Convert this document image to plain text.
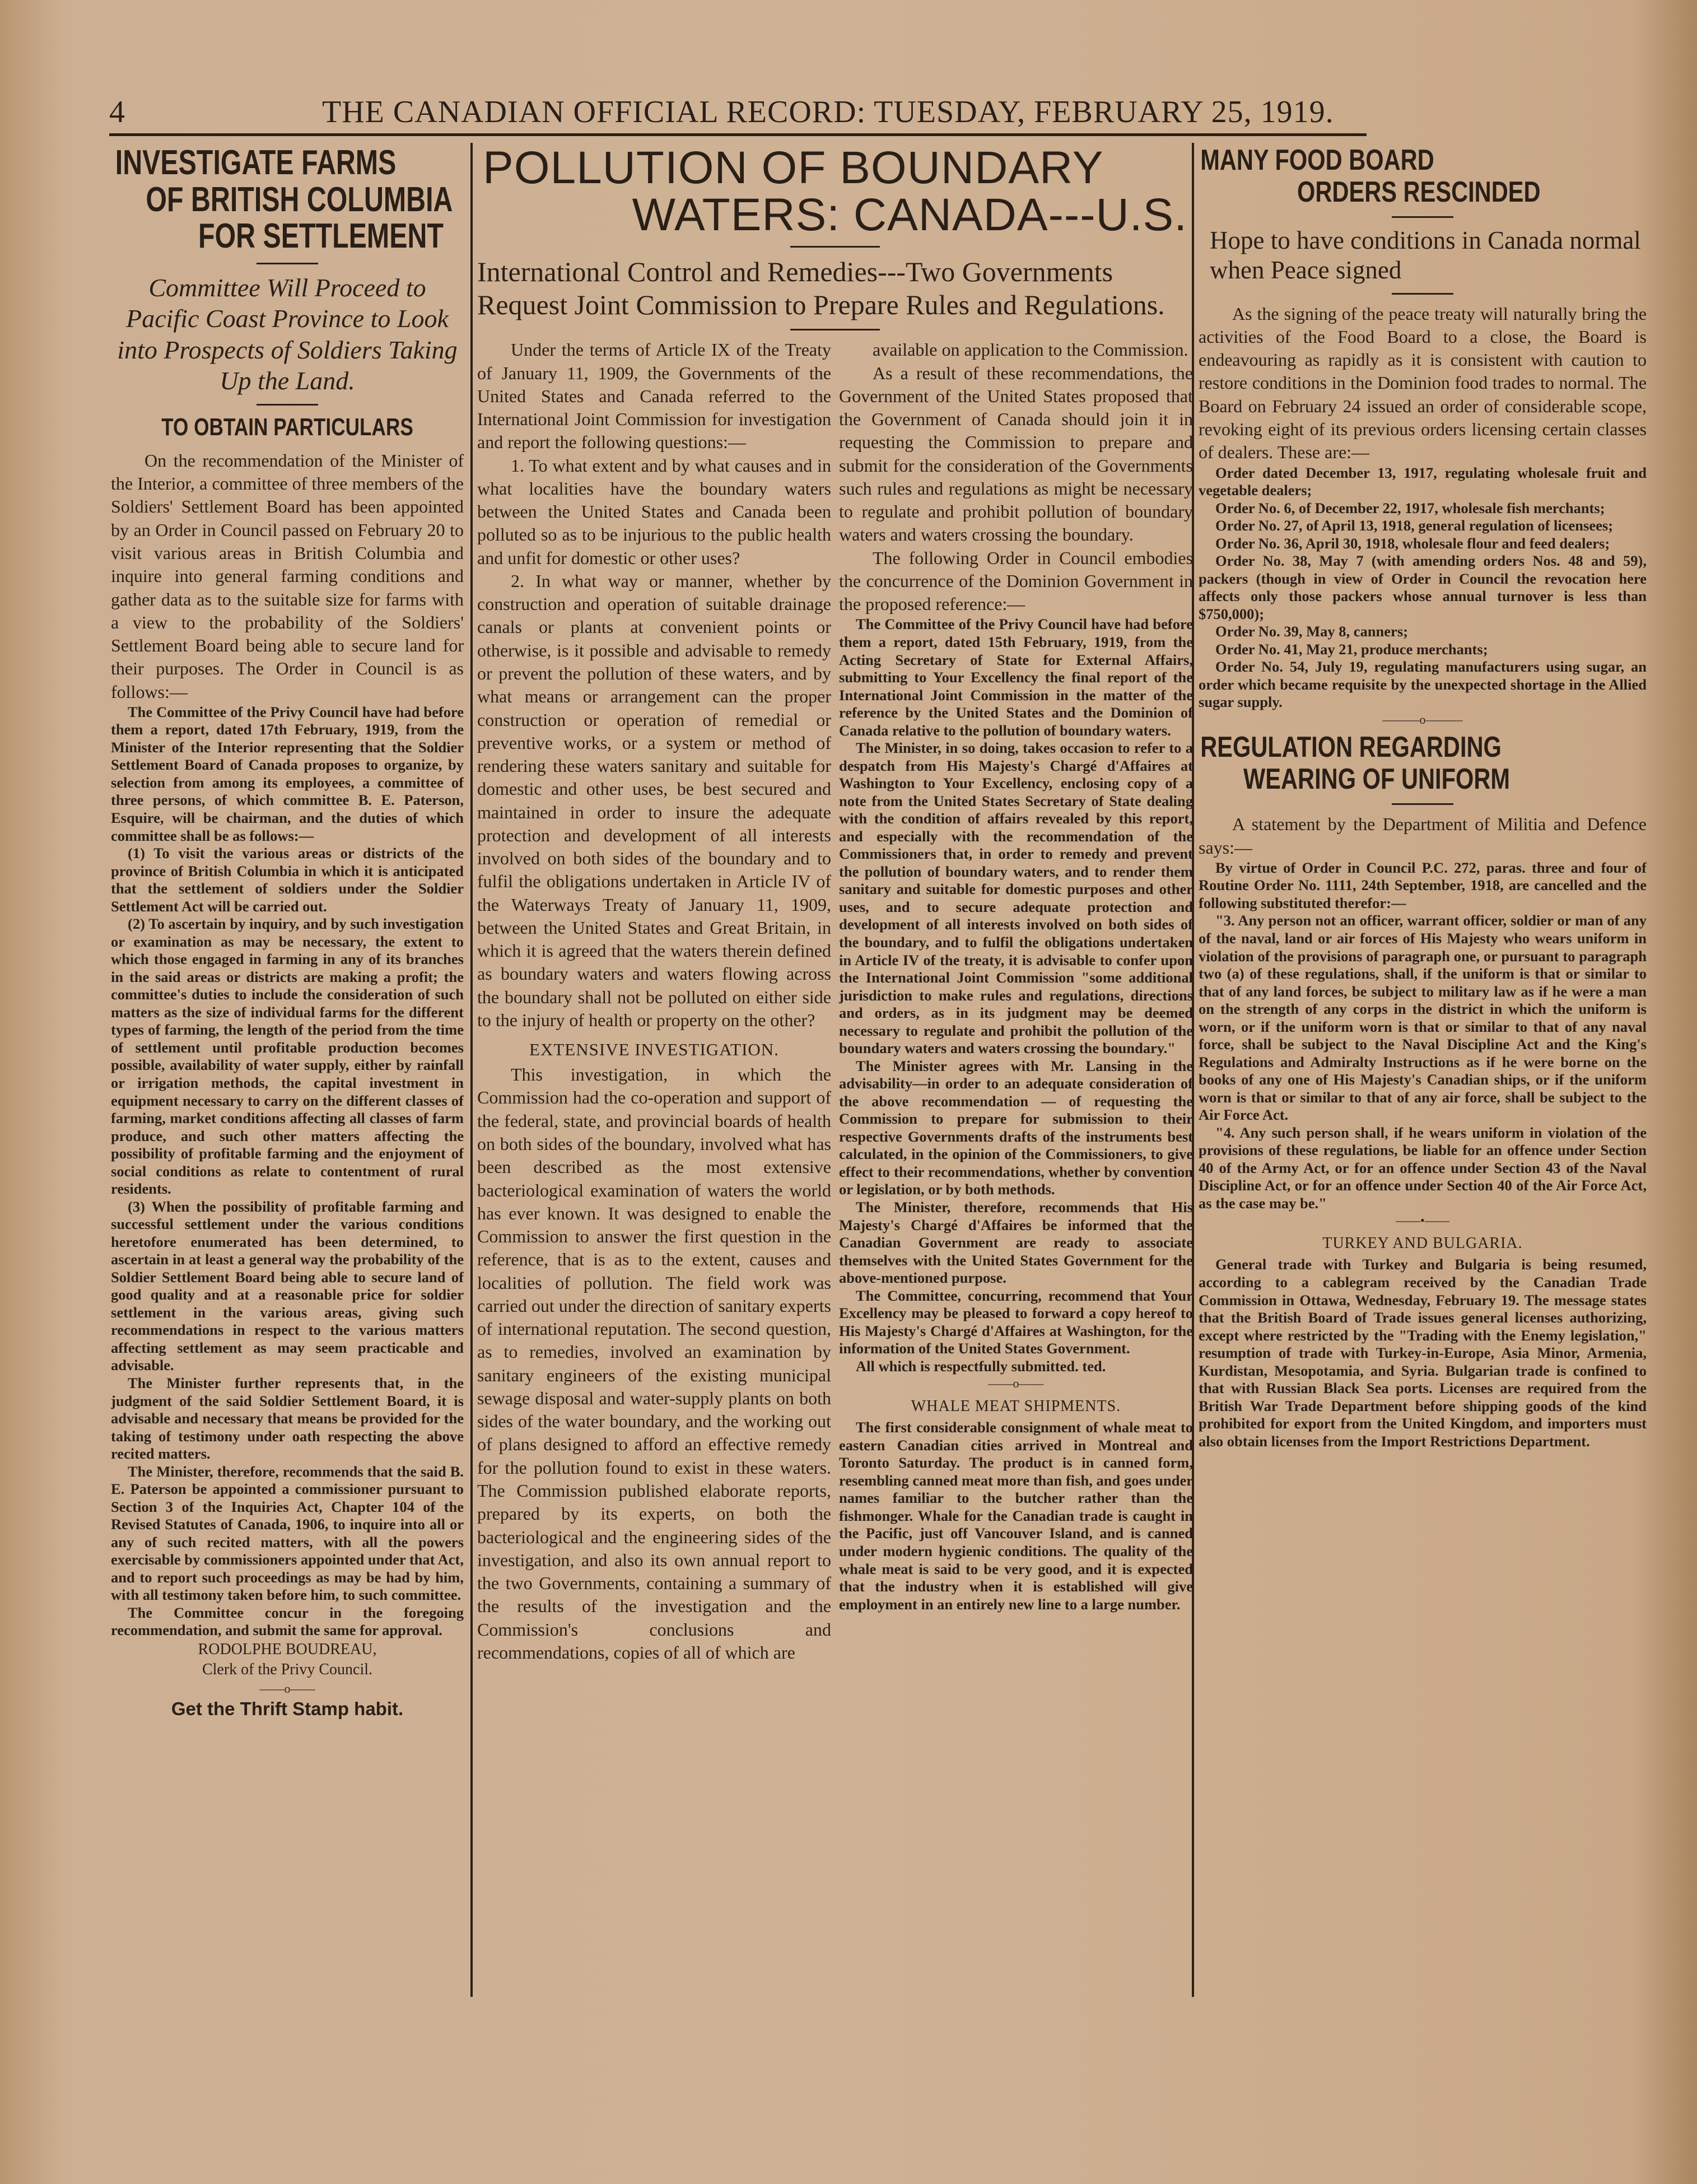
4	THE CANADIAN OFFICIAL RECORD: TUESDAY, FEBRUARY 25, 1919.
INVESTIGATE FARMS
OF BRITISH COLUMBIA
FOR SETTLEMENT
Committee Will Proceed to Pacific Coast Province to Look into Prospects of Soldiers Taking Up the Land.
TO OBTAIN PARTICULARS

On the recommendation of the Minister of the Interior, a committee of three members of the Soldiers' Settlement Board has been appointed by an Order in Council passed on February 20 to visit various areas in British Columbia and inquire into general farming conditions and gather data as to the suitable size for farms with a view to the probability of the Soldiers' Settlement Board being able to secure land for their purposes. The Order in Council is as follows:—

The Committee of the Privy Council have had before them a report, dated 17th February, 1919, from the Minister of the Interior representing that the Soldier Settlement Board of Canada proposes to organize, by selection from among its employees, a committee of three persons, of which committee B. E. Paterson, Esquire, will be chairman, and the duties of which committee shall be as follows:—

(1) To visit the various areas or districts of the province of British Columbia in which it is anticipated that the settlement of soldiers under the Soldier Settlement Act will be carried out.

(2) To ascertain by inquiry, and by such investigation or examination as may be necessary, the extent to which those engaged in farming in any of its branches in the said areas or districts are making a profit; the committee's duties to include the consideration of such matters as the size of individual farms for the different types of farming, the length of the period from the time of settlement until profitable production becomes possible, availability of water supply, either by rainfall or irrigation methods, the capital investment in equipment necessary to carry on the different classes of farming, market conditions affecting all classes of farm produce, and such other matters affecting the possibility of profitable farming and the enjoyment of social conditions as relate to contentment of rural residents.

(3) When the possibility of profitable farming and successful settlement under the various conditions heretofore enumerated has been determined, to ascertain in at least a general way the probability of the Soldier Settlement Board being able to secure land of good quality and at a reasonable price for soldier settlement in the various areas, giving such recommendations in respect to the various matters affecting settlement as may seem practicable and advisable.

The Minister further represents that, in the judgment of the said Soldier Settlement Board, it is advisable and necessary that means be provided for the taking of testimony under oath respecting the above recited matters.

The Minister, therefore, recommends that the said B. E. Paterson be appointed a commissioner pursuant to Section 3 of the Inquiries Act, Chapter 104 of the Revised Statutes of Canada, 1906, to inquire into all or any of such recited matters, with all the powers exercisable by commissioners appointed under that Act, and to report such proceedings as may be had by him, with all testimony taken before him, to such committee.

The Committee concur in the foregoing recommendation, and submit the same for approval.

RODOLPHE BOUDREAU,

Clerk of the Privy Council.

——o——

Get the Thrift Stamp habit.

POLLUTION OF BOUNDARY
WATERS: CANADA---U.S.
International Control and Remedies---Two Governments Request Joint Commission to Prepare Rules and Regulations.

Under the terms of Article IX of the Treaty of January 11, 1909, the Governments of the United States and Canada referred to the International Joint Commission for investigation and report the following questions:—

1. To what extent and by what causes and in what localities have the boundary waters between the United States and Canada been polluted so as to be injurious to the public health and unfit for domestic or other uses?

2. In what way or manner, whether by construction and operation of suitable drainage canals or plants at convenient points or otherwise, is it possible and advisable to remedy or prevent the pollution of these waters, and by what means or arrangement can the proper construction or operation of remedial or preventive works, or a system or method of rendering these waters sanitary and suitable for domestic and other uses, be best secured and maintained in order to insure the adequate protection and development of all interests involved on both sides of the boundary and to fulfil the obligations undertaken in Article IV of the Waterways Treaty of January 11, 1909, between the United States and Great Britain, in which it is agreed that the waters therein defined as boundary waters and waters flowing across the boundary shall not be polluted on either side to the injury of health or property on the other?

EXTENSIVE INVESTIGATION.

This investigation, in which the Commission had the co-operation and support of the federal, state, and provincial boards of health on both sides of the boundary, involved what has been described as the most extensive bacteriological examination of waters the world has ever known. It was designed to enable the Commission to answer the first question in the reference, that is as to the extent, causes and localities of pollution. The field work was carried out under the direction of sanitary experts of international reputation. The second question, as to remedies, involved an examination by sanitary engineers of the existing municipal sewage disposal and water-supply plants on both sides of the water boundary, and the working out of plans designed to afford an effective remedy for the pollution found to exist in these waters. The Commission published elaborate reports, prepared by its experts, on both the bacteriological and the engineering sides of the investigation, and also its own annual report to the two Governments, containing a summary of the results of the investigation and the Commission's conclusions and recommendations, copies of all of which are

available on application to the Commission.

As a result of these recommendations, the Government of the United States proposed that the Government of Canada should join it in requesting the Commission to prepare and submit for the consideration of the Governments such rules and regulations as might be necessary to regulate and prohibit pollution of boundary waters and waters crossing the boundary.

The following Order in Council embodies the concurrence of the Dominion Government in the proposed reference:—

The Committee of the Privy Council have had before them a report, dated 15th February, 1919, from the Acting Secretary of State for External Affairs, submitting to Your Excellency the final report of the International Joint Commission in the matter of the reference by the United States and the Dominion of Canada relative to the pollution of boundary waters.

The Minister, in so doing, takes occasion to refer to a despatch from His Majesty's Chargé d'Affaires at Washington to Your Excellency, enclosing copy of a note from the United States Secretary of State dealing with the condition of affairs revealed by this report, and especially with the recommendation of the Commissioners that, in order to remedy and prevent the pollution of boundary waters, and to render them sanitary and suitable for domestic purposes and other uses, and to secure adequate protection and development of all interests involved on both sides of the boundary, and to fulfil the obligations undertaken in Article IV of the treaty, it is advisable to confer upon the International Joint Commission "some additional jurisdiction to make rules and regulations, directions and orders, as in its judgment may be deemed necessary to regulate and prohibit the pollution of the boundary waters and waters crossing the boundary."

The Minister agrees with Mr. Lansing in the advisability—in order to an adequate consideration of the above recommendation — of requesting the Commission to prepare for submission to their respective Governments drafts of the instruments best calculated, in the opinion of the Commissioners, to give effect to their recommendations, whether by convention or legislation, or by both methods.

The Minister, therefore, recommends that His Majesty's Chargé d'Affaires be informed that the Canadian Government are ready to associate themselves with the United States Government for the above-mentioned purpose.

The Committee, concurring, recommend that Your Excellency may be pleased to forward a copy hereof to His Majesty's Chargé d'Affaires at Washington, for the information of the United States Government.

All which is respectfully submitted. ted.

——o——
WHALE MEAT SHIPMENTS.

The first considerable consignment of whale meat to eastern Canadian cities arrived in Montreal and Toronto Saturday. The product is in canned form, resembling canned meat more than fish, and goes under names familiar to the butcher rather than the fishmonger. Whale for the Canadian trade is caught in the Pacific, just off Vancouver Island, and is canned under modern hygienic conditions. The quality of the whale meat is said to be very good, and it is expected that the industry when it is established will give employment in an entirely new line to a large number.

MANY FOOD BOARD
ORDERS RESCINDED
Hope to have conditions in Canada normal when Peace signed

As the signing of the peace treaty will naturally bring the activities of the Food Board to a close, the Board is endeavouring as rapidly as it is consistent with caution to restore conditions in the Dominion food trades to normal. The Board on February 24 issued an order of considerable scope, revoking eight of its previous orders licensing certain classes of dealers. These are:—

Order dated December 13, 1917, regulating wholesale fruit and vegetable dealers;

Order No. 6, of December 22, 1917, wholesale fish merchants;

Order No. 27, of April 13, 1918, general regulation of licensees;

Order No. 36, April 30, 1918, wholesale flour and feed dealers;

Order No. 38, May 7 (with amending orders Nos. 48 and 59), packers (though in view of Order in Council the revocation here affects only those packers whose annual turnover is less than $750,000);

Order No. 39, May 8, canners;

Order No. 41, May 21, produce merchants;

Order No. 54, July 19, regulating manufacturers using sugar, an order which became requisite by the unexpected shortage in the Allied sugar supply.

———o———
REGULATION REGARDING
WEARING OF UNIFORM

A statement by the Department of Militia and Defence says:—

By virtue of Order in Council P.C. 272, paras. three and four of Routine Order No. 1111, 24th September, 1918, are cancelled and the following substituted therefor:—

"3. Any person not an officer, warrant officer, soldier or man of any of the naval, land or air forces of His Majesty who wears uniform in violation of the provisions of paragraph one, or pursuant to paragraph two (a) of these regulations, shall, if the uniform is that or similar to that of any land forces, be subject to military law as if he were a man on the strength of any corps in the district in which the uniform is worn, or if the uniform worn is that or similar to that of any naval force, shall be subject to the Naval Discipline Act and the King's Regulations and Admiralty Instructions as if he were borne on the books of any one of His Majesty's Canadian ships, or if the uniform worn is that or similar to that of any air force, shall be subject to the Air Force Act.

"4. Any such person shall, if he wears uniform in violation of the provisions of these regulations, be liable for an offence under Section 40 of the Army Act, or for an offence under Section 43 of the Naval Discipline Act, or for an offence under Section 40 of the Air Force Act, as the case may be."

——•——
TURKEY AND BULGARIA.

General trade with Turkey and Bulgaria is being resumed, according to a cablegram received by the Canadian Trade Commission in Ottawa, Wednesday, February 19. The message states that the British Board of Trade issues general licenses authorizing, except where restricted by the "Trading with the Enemy legislation," resumption of trade with Turkey-in-Europe, Asia Minor, Armenia, Kurdistan, Mesopotamia, and Syria. Bulgarian trade is confined to that with Russian Black Sea ports. Licenses are required from the British War Trade Department before shipping goods of the kind prohibited for export from the United Kingdom, and importers must also obtain licenses from the Import Restrictions Department.
